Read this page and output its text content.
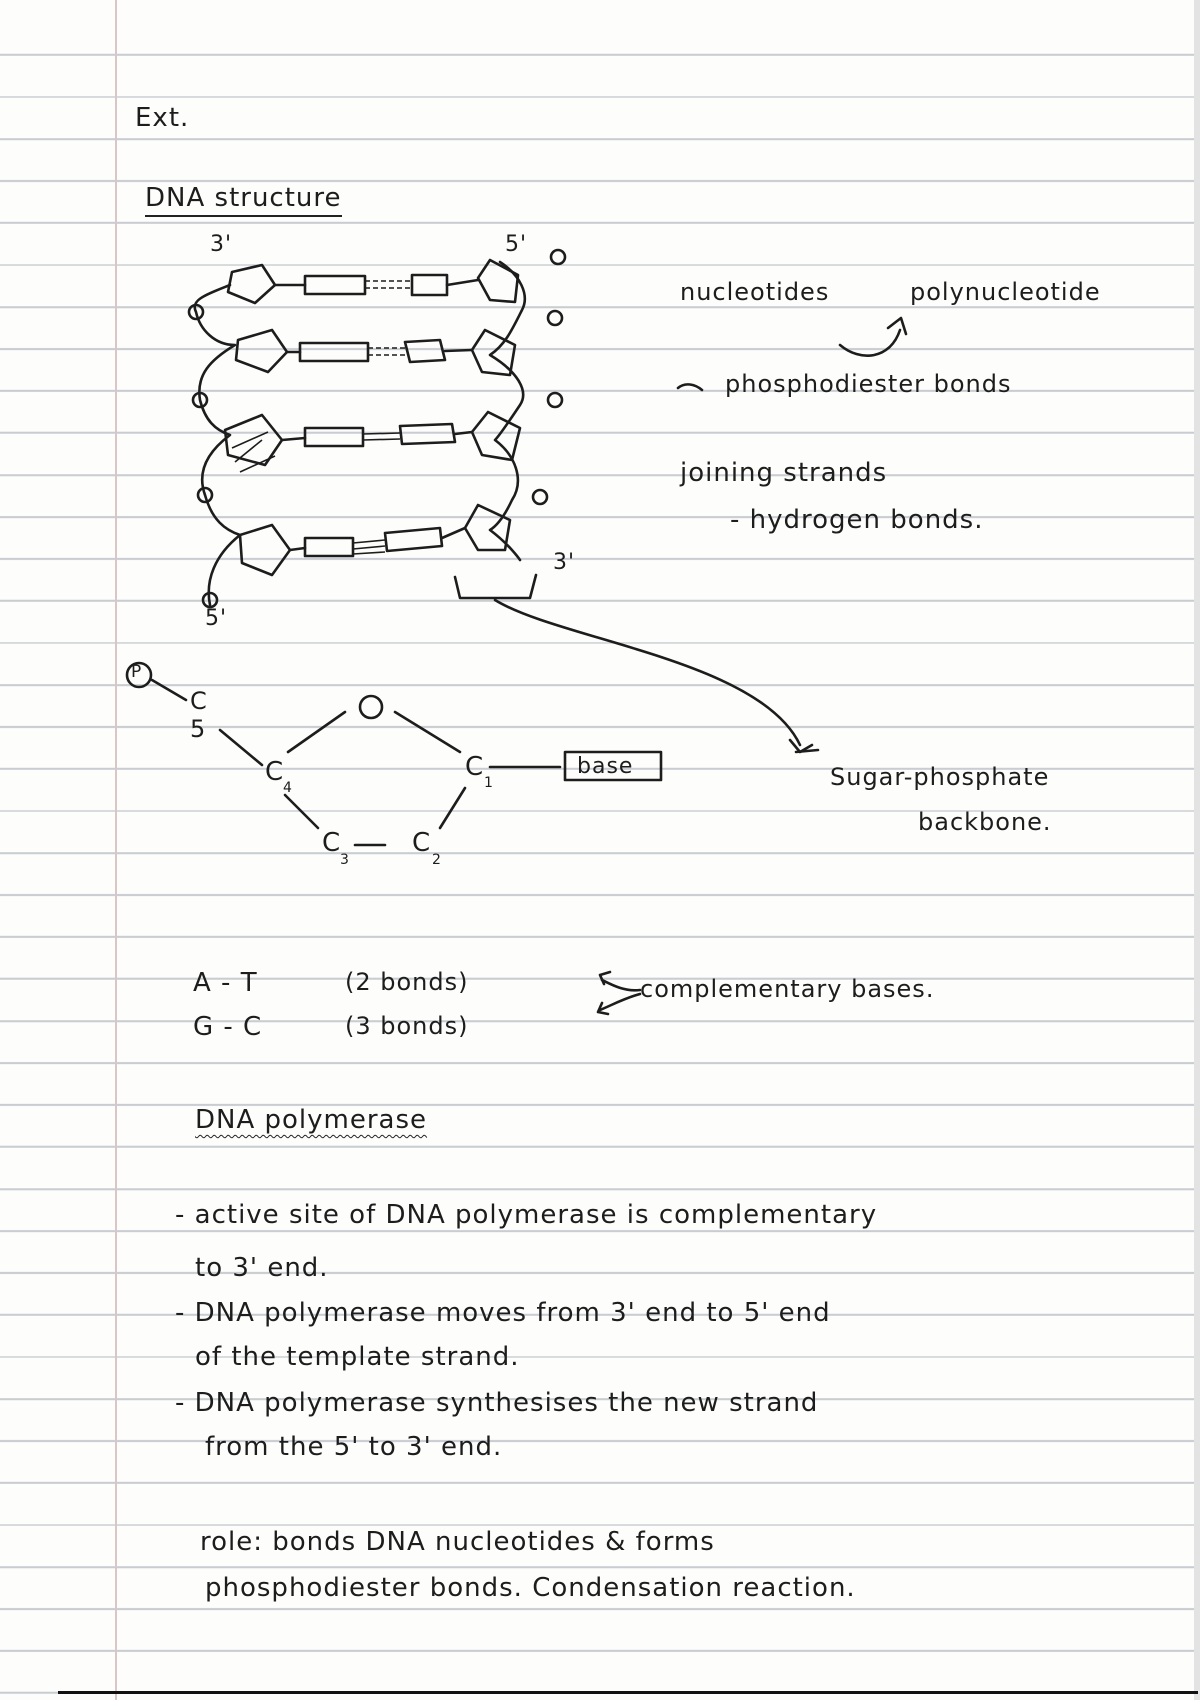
Ext.
DNA structure
3'	5'
5'
3'
nucleotides	polynucleotide
phosphodiester bonds
joining strands
- hydrogen bonds.
Sugar-phosphate
backbone.
P
C
5
C
4
C
1
C
3
C
2
base
A - T	(2 bonds)
G - C	(3 bonds)
complementary bases.
DNA polymerase
- active site of DNA polymerase is complementary
to 3' end.
- DNA polymerase moves from 3' end to 5' end
of the template strand.
- DNA polymerase synthesises the new strand
from the 5' to 3' end.
role: bonds DNA nucleotides & forms
phosphodiester bonds. Condensation reaction.
